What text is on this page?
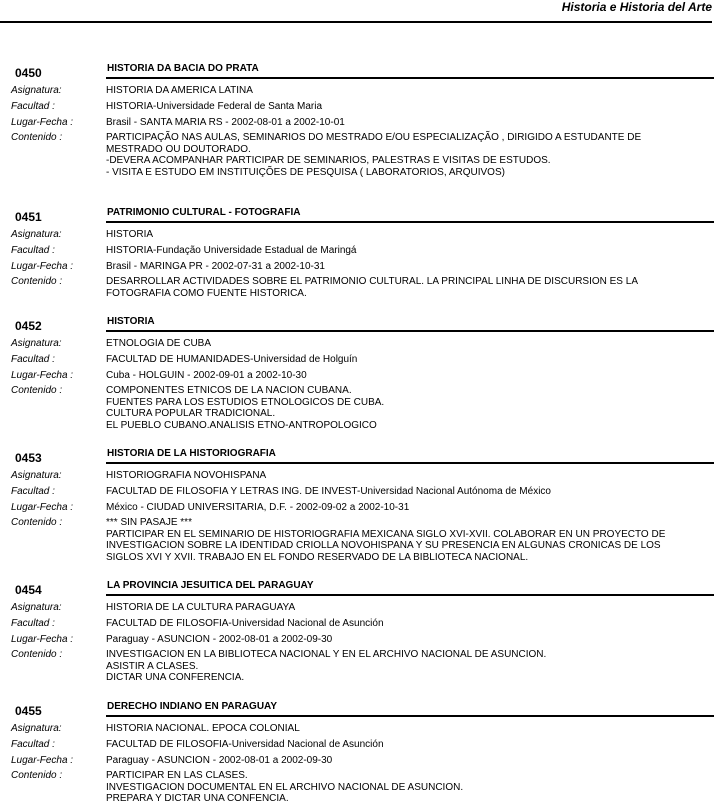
Historia e Historia del Arte
0450	HISTORIA DA BACIA DO PRATA
Asignatura:	HISTORIA DA AMERICA LATINA
Facultad :	HISTORIA-Universidade Federal de Santa Maria
Lugar-Fecha :	Brasil - SANTA MARIA RS - 2002-08-01 a 2002-10-01
Contenido :	PARTICIPAÇÃO NAS AULAS, SEMINARIOS DO MESTRADO E/OU ESPECIALIZAÇÃO , DIRIGIDO A ESTUDANTE DE
MESTRADO OU DOUTORADO.
-DEVERA ACOMPANHAR PARTICIPAR DE SEMINARIOS, PALESTRAS E VISITAS DE ESTUDOS.
- VISITA E ESTUDO EM INSTITUIÇÕES DE PESQUISA ( LABORATORIOS, ARQUIVOS)
0451	PATRIMONIO CULTURAL - FOTOGRAFIA
Asignatura:	HISTORIA
Facultad :	HISTORIA-Fundação Universidade Estadual de Maringá
Lugar-Fecha :	Brasil - MARINGA PR - 2002-07-31 a 2002-10-31
Contenido :	DESARROLLAR ACTIVIDADES SOBRE EL PATRIMONIO CULTURAL. LA PRINCIPAL LINHA DE DISCURSION ES LA
FOTOGRAFIA COMO FUENTE HISTORICA.
0452	HISTORIA
Asignatura:	ETNOLOGIA DE CUBA
Facultad :	FACULTAD DE HUMANIDADES-Universidad de Holguín
Lugar-Fecha :	Cuba - HOLGUIN - 2002-09-01 a 2002-10-30
Contenido :	COMPONENTES ETNICOS DE LA NACION CUBANA.
FUENTES PARA LOS ESTUDIOS ETNOLOGICOS DE CUBA.
CULTURA POPULAR TRADICIONAL.
EL PUEBLO CUBANO.ANALISIS ETNO-ANTROPOLOGICO
0453	HISTORIA DE LA HISTORIOGRAFIA
Asignatura:	HISTORIOGRAFIA NOVOHISPANA
Facultad :	FACULTAD DE FILOSOFIA Y LETRAS ING. DE INVEST-Universidad Nacional Autónoma de México
Lugar-Fecha :	México - CIUDAD UNIVERSITARIA, D.F. - 2002-09-02 a 2002-10-31
Contenido :	*** SIN PASAJE ***
PARTICIPAR EN EL SEMINARIO DE HISTORIOGRAFIA MEXICANA SIGLO XVI-XVII. COLABORAR EN UN PROYECTO DE
INVESTIGACION SOBRE LA IDENTIDAD CRIOLLA NOVOHISPANA Y SU PRESENCIA EN ALGUNAS CRONICAS DE LOS
SIGLOS XVI Y XVII. TRABAJO EN EL FONDO RESERVADO DE LA BIBLIOTECA NACIONAL.
0454	LA PROVINCIA JESUITICA DEL PARAGUAY
Asignatura:	HISTORIA DE LA CULTURA PARAGUAYA
Facultad :	FACULTAD DE FILOSOFIA-Universidad Nacional de Asunción
Lugar-Fecha :	Paraguay - ASUNCION - 2002-08-01 a 2002-09-30
Contenido :	INVESTIGACION EN LA BIBLIOTECA NACIONAL Y EN EL ARCHIVO NACIONAL DE ASUNCION.
ASISTIR A CLASES.
DICTAR UNA CONFERENCIA.
0455	DERECHO INDIANO EN PARAGUAY
Asignatura:	HISTORIA NACIONAL. EPOCA COLONIAL
Facultad :	FACULTAD DE FILOSOFIA-Universidad Nacional de Asunción
Lugar-Fecha :	Paraguay - ASUNCION - 2002-08-01 a 2002-09-30
Contenido :	PARTICIPAR EN LAS CLASES.
INVESTIGACION DOCUMENTAL EN EL ARCHIVO NACIONAL DE ASUNCION.
PREPARA Y DICTAR UNA CONFENCIA.
